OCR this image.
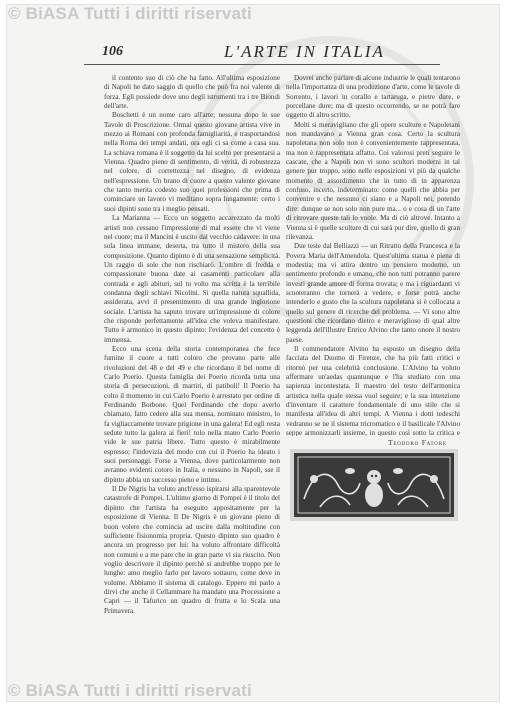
© BiASA Tutti i diritti riservati
106	L'ARTE IN ITALIA

il contento suo di ciò che ha fatto. All'ultima esposizione di Napoli he dato saggio di quello che può fra noi valente di forza. Egli possiede dove uno degli istrumenti tra i tre Biondi dell'arte.

Boschetti è un nome caro all'arte; nessuna dopo le sue Tavole di Proscrizione. Ormai questo giovane artista vive in mezzo ai Romani con profonda famigliarità, e trasportandosi nella Roma dei tempi andati, ora egli ci sa come a casa sua. La schiava romana è il soggetto da lui scelto per presentarsi a Vienna. Quadro pieno di sentimento, di verità, di robustezza nel colore, di correttezza nel disegno, di evidenza nell'espressione. Un brano di cuore a questo valente giovane che tanto merita codesto suo quei professioni che prima di cominciare un lavoro vi meditano sopra lungamente: certo i suoi dipinti sono tra i meglio pensati.

La Marianna — Ecco un soggetto accarezzato da molti artisti non cessano l'impressione di mal essere che vi viene nel cuore; ma il Mancini è uscito dal vecchio cadavere: in una sola linea immane, deserta, tra tutto il mistero della sua composizione. Quanto dipinto è di una sensazione semplicità. Un raggio di sole che non rischiarò. L'ombre di fredda e compassionate buona date ai casamenti particolare alla contrada e agli abituri, sul tu volto ma scritta è la terribile condanna degli schiavi Nicolini. Si quella natura squallida, assiderata, avvi il presentimento di una grande inglorione sociale. L'artista ha saputo trovare un'impressione di colore che risponde perfettamente all'idea che voleva manifestare. Tutto è armonico in questo dipinto: l'evidenza del concetto è immensa.

Ecco una scena della storia contemporanea che fece fumine il cuore a tutti coloro che provano parte alle rivoluzioni del 48 e del 49 e che ricordano il bel nome di Carlo Poerio. Questa famiglia dei Poerio ricorda tutta una storia di persecuzioni, di martiri, di patiboli! Il Poerio ha colto il momento in cui Carlo Poerio è arrestato per ordine di Ferdinando Borbone. Quel Ferdinando che dopo averlo chiamato, fatto cedere alla sua mensa, nominato ministro, lo fa vigliaccamente trovare prigione in una galera! Ed egli resta sedute tutto la galera ai fieri! tolo nella mano Carlo Poerio vide le sue patria libere. Tutto questo è mirabilmente espresso; l'indovizia del modo con cui il Poerio ha ideato i suoi personaggi. Forse a Vienna, dove particolarmente non avranno evidenti cotoro in Italia, e nessuno in Napoli, sse il dipinto abbia un successo pieno e intimo.

Il De Nigris ha voluto anch'esso ispirarsi alla sparentevole catastrofe di Pompei. L'ultimo giorno di Pompei è il titolo del dipinto che l'artista ha eseguito appositamente per la esposizione di Vienna. Il De Nigris è un giovane pieno di buon volere che comincia ad uscire dalla moltitudine con sufficiente fisionomia propria. Questo dipinto suo quadro è ancora un progresso per lui: ha voluto affrontare difficoltà non comuni e a me pare che in gran parte vi sia riuscito. Non voglio descrivere il dipinto perchè si andrebbe troppo per le lunghe: amo meglio farlo per lavoro sottauro, come deve in volume. Abbiamo il sistema di catalogo. Eppero mi parlo a dirvi che anche il Cellammare ha mandato una Processione a Capri — il Tafurico un quadro di frutta e lo Scala una Primavera.

Dovrei anche parlare di alcune industrie le quali tentarono nella l'importanza di una produzione d'arte, come le tavole di Sorrento, i lavori in corallo e tartaruga, e pietre dure, e porcellane dure; ma di questo occorrendo, se ne potrà fare oggetto di altro scritto.

Molti si meravigliano che gli opere sculture e Napoletani non mandavano a Vienna gran cosa. Certo la scultura napoletana non solo non è convenientemente rappresentata, ma non è rappresentata affatto. Coi valorosi preti seguire le cascate, che a Napoli non vi sono scultori moderni in tal genere pur troppo, sono nelle esposizioni vi più da qualche momento di assordimento che in tutto di in apparenza confuso, incerto, indeterminato: come quelli che abbia per convenire e che nessuno ci siano e a Napoli nei, potendo dire: dunque se non solo non pure ma... o e cosa di un l'arte di ritrovare queste tali lo vuole. Ma di ciò altrove. Intanto a Vienna si è quelle sculture di cui sarà pur dire, quello di gran rilevanza.

Due teste dal Belliazzi — un Ritratto della Francesca e la Povera Maria dell'Amendola. Quest'ultima statua è piena di modestia; ma vi attira dentro un pensiero moderno, un sentimento profondo e umano, che non tutti potranno parere investi grande amore di forma trovata; e ma i riguardanti vi scuoteranno che tornerà a vedere, e forse potrà anche intenderlo e gusto che la scultura napoletana si è collocata a quello sul genere di ricerche del problema. — Vi sono altre questioni che ricordano dietro e meraviglioso di qual altre leggenda dell'illustre Enrico Alvino che tanto onore il nostro paese.

Il commendatore Alvino ha esposto un disegno della facciata del Duomo di Firenze, che ha più fatti critici e ritornò per una celebrità conclusione. L'Alvino ha voluto affermare un'aedas quantunque e l'ha studiato con una sapienza incontestata. Il maestro del testo dell'armonica artistica nella quale stessa vuol seguire; e la sua intenzione d'inventare il carattere fondamentale di uno stile che si manifesta all'idea di altri tempi. A Vienna i dotti tedeschi vedranno se ne il sistema tricromatico e il basilicale l'Alvino seppe armonizzarli insieme, in questo così sotto la critica e

Teodoro Fatore
© BiASA Tutti i diritti riservati
